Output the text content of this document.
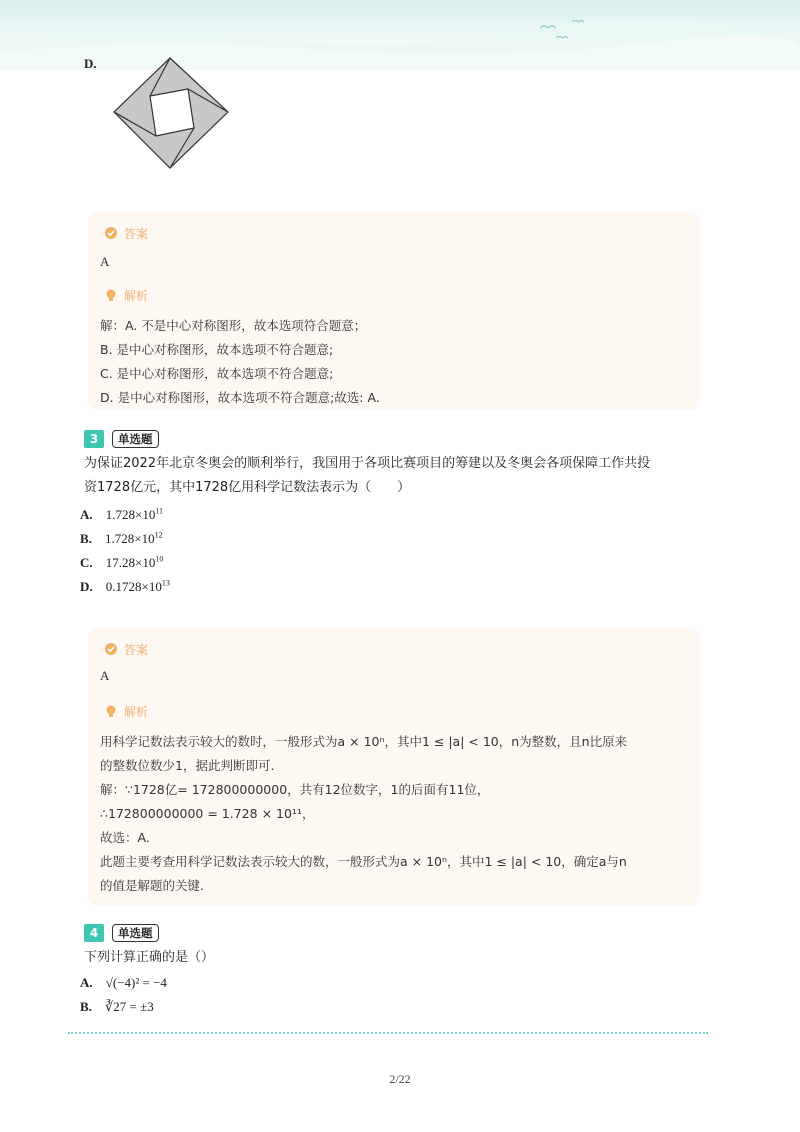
D.
答案
A
解析
解：A. 不是中心对称图形，故本选项符合题意；
B. 是中心对称图形，故本选项不符合题意;
C. 是中心对称图形，故本选项不符合题意;
D. 是中心对称图形，故本选项不符合题意;故选: A.
3	单选题
为保证2022年北京冬奥会的顺利举行，我国用于各项比赛项目的筹建以及冬奥会各项保障工作共投
资1728亿元，其中1728亿用科学记数法表示为（　　）
A. $1.728\times 10^{11}$
B. $1.728\times 10^{12}$
C. $17.28\times 10^{10}$
D. $0.1728\times 10^{13}$
答案
A
解析
用科学记数法表示较大的数时，一般形式为a × 10ⁿ，其中1 ≤ |a| < 10，n为整数，且n比原来
的整数位数少1，据此判断即可.
解：∵1728亿= 172800000000，共有12位数字，1的后面有11位，
∴172800000000 = 1.728 × 10¹¹，
故选：A.
此题主要考查用科学记数法表示较大的数，一般形式为a × 10ⁿ，其中1 ≤ |a| < 10，确定a与n
的值是解题的关键.
4	单选题
下列计算正确的是（）
A. √(−4)² = −4
B. ∛27 = ±3
2/22
